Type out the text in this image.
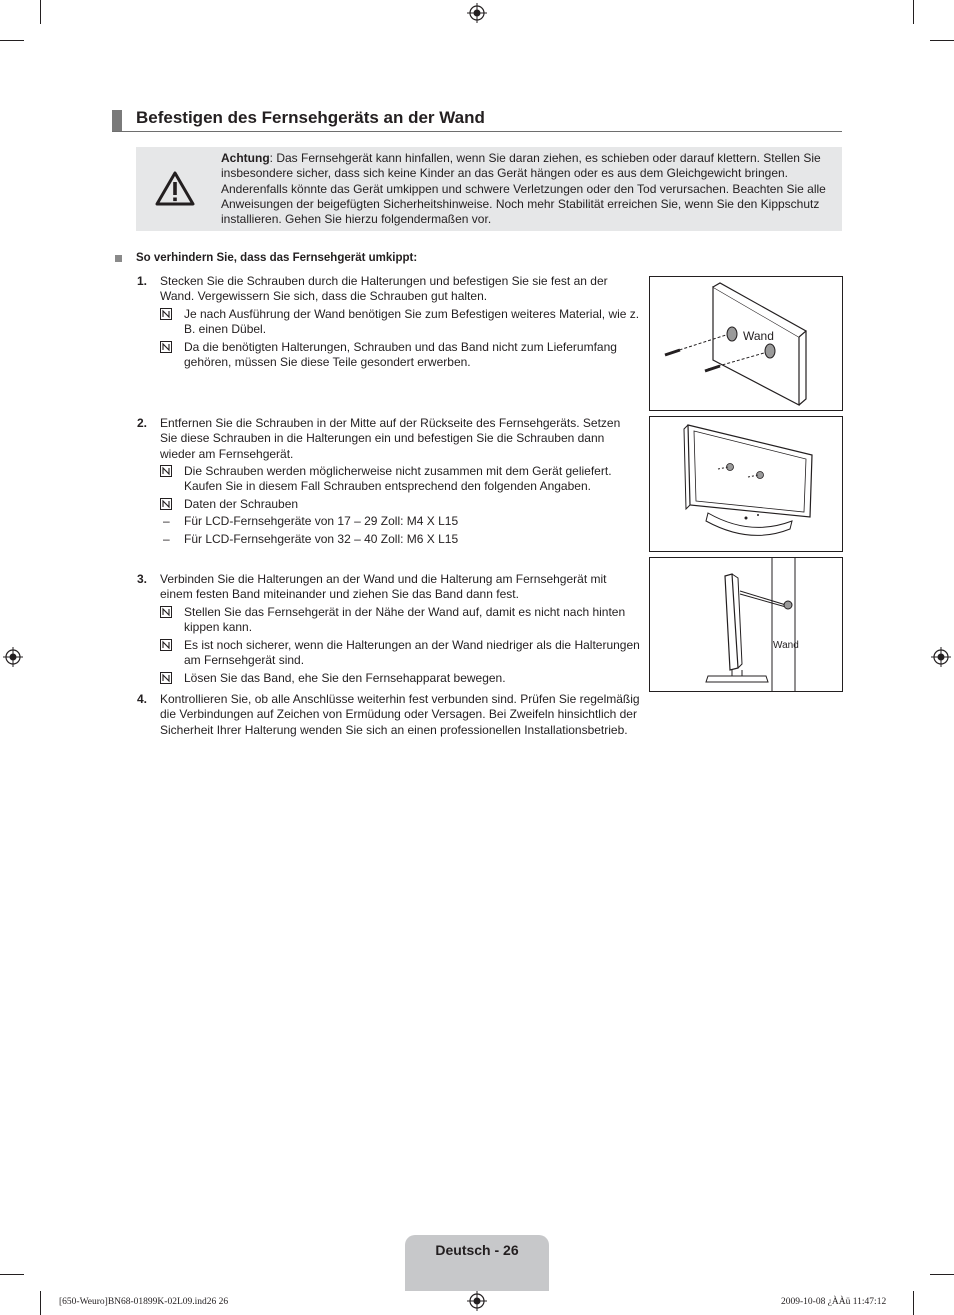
Befestigen des Fernsehgeräts an der Wand
Achtung: Das Fernsehgerät kann hinfallen, wenn Sie daran ziehen, es schieben oder darauf klettern. Stellen Sie insbesondere sicher, dass sich keine Kinder an das Gerät hängen oder es aus dem Gleichgewicht bringen. Anderenfalls könnte das Gerät umkippen und schwere Verletzungen oder den Tod verursachen. Beachten Sie alle Anweisungen der beigefügten Sicherheitshinweise. Noch mehr Stabilität erreichen Sie, wenn Sie den Kippschutz installieren. Gehen Sie hierzu folgendermaßen vor.
So verhindern Sie, dass das Fernsehgerät umkippt:
1. Stecken Sie die Schrauben durch die Halterungen und befestigen Sie sie fest an der Wand. Vergewissern Sie sich, dass die Schrauben gut halten.
Je nach Ausführung der Wand benötigen Sie zum Befestigen weiteres Material, wie z. B. einen Dübel.
Da die benötigten Halterungen, Schrauben und das Band nicht zum Lieferumfang gehören, müssen Sie diese Teile gesondert erwerben.
2. Entfernen Sie die Schrauben in der Mitte auf der Rückseite des Fernsehgeräts. Setzen Sie diese Schrauben in die Halterungen ein und befestigen Sie die Schrauben dann wieder am Fernsehgerät.
Die Schrauben werden möglicherweise nicht zusammen mit dem Gerät geliefert. Kaufen Sie in diesem Fall Schrauben entsprechend den folgenden Angaben.
Daten der Schrauben
– Für LCD-Fernsehgeräte von 17 – 29 Zoll: M4 X L15
– Für LCD-Fernsehgeräte von 32 – 40 Zoll: M6 X L15
3. Verbinden Sie die Halterungen an der Wand und die Halterung am Fernsehgerät mit einem festen Band miteinander und ziehen Sie das Band dann fest.
Stellen Sie das Fernsehgerät in der Nähe der Wand auf, damit es nicht nach hinten kippen kann.
Es ist noch sicherer, wenn die Halterungen an der Wand niedriger als die Halterungen am Fernsehgerät sind.
Lösen Sie das Band, ehe Sie den Fernsehapparat bewegen.
4. Kontrollieren Sie, ob alle Anschlüsse weiterhin fest verbunden sind. Prüfen Sie regelmäßig die Verbindungen auf Zeichen von Ermüdung oder Versagen. Bei Zweifeln hinsichtlich der Sicherheit Ihrer Halterung wenden Sie sich an einen professionellen Installationsbetrieb.
Wand
Wand
Deutsch - 26
[650-Weuro]BN68-01899K-02L09.ind26 26	2009-10-08 ¿ÀÀü 11:47:12
